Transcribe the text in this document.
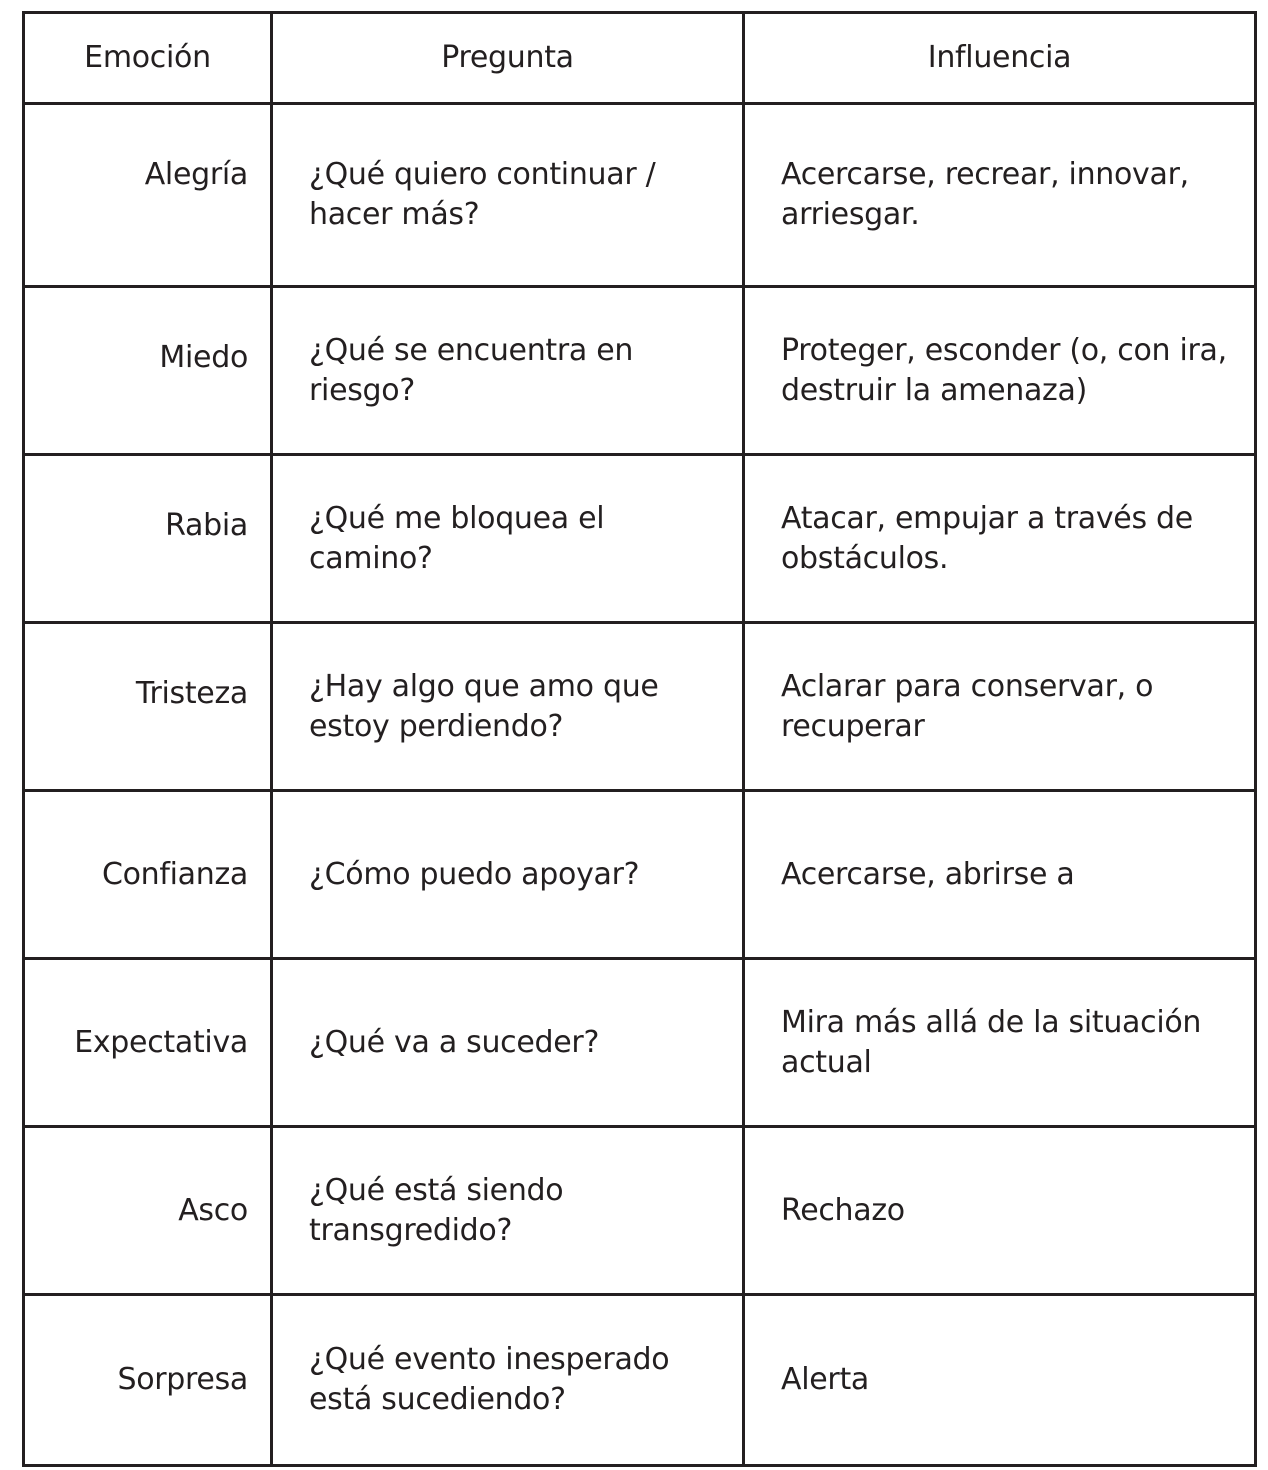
Emoción	Pregunta	Influencia
Alegría	¿Qué quiero continuar / hacer más?	Acercarse, recrear, innovar, arriesgar.
Miedo	¿Qué se encuentra en riesgo?	Proteger, esconder (o, con ira, destruir la amenaza)
Rabia	¿Qué me bloquea el camino?	Atacar, empujar a través de obstáculos.
Tristeza	¿Hay algo que amo que estoy perdiendo?	Aclarar para conservar, o recuperar
Confianza	¿Cómo puedo apoyar?	Acercarse, abrirse a
Expectativa	¿Qué va a suceder?	Mira más allá de la situación actual
Asco	¿Qué está siendo transgredido?	Rechazo
Sorpresa	¿Qué evento inesperado está sucediendo?	Alerta
